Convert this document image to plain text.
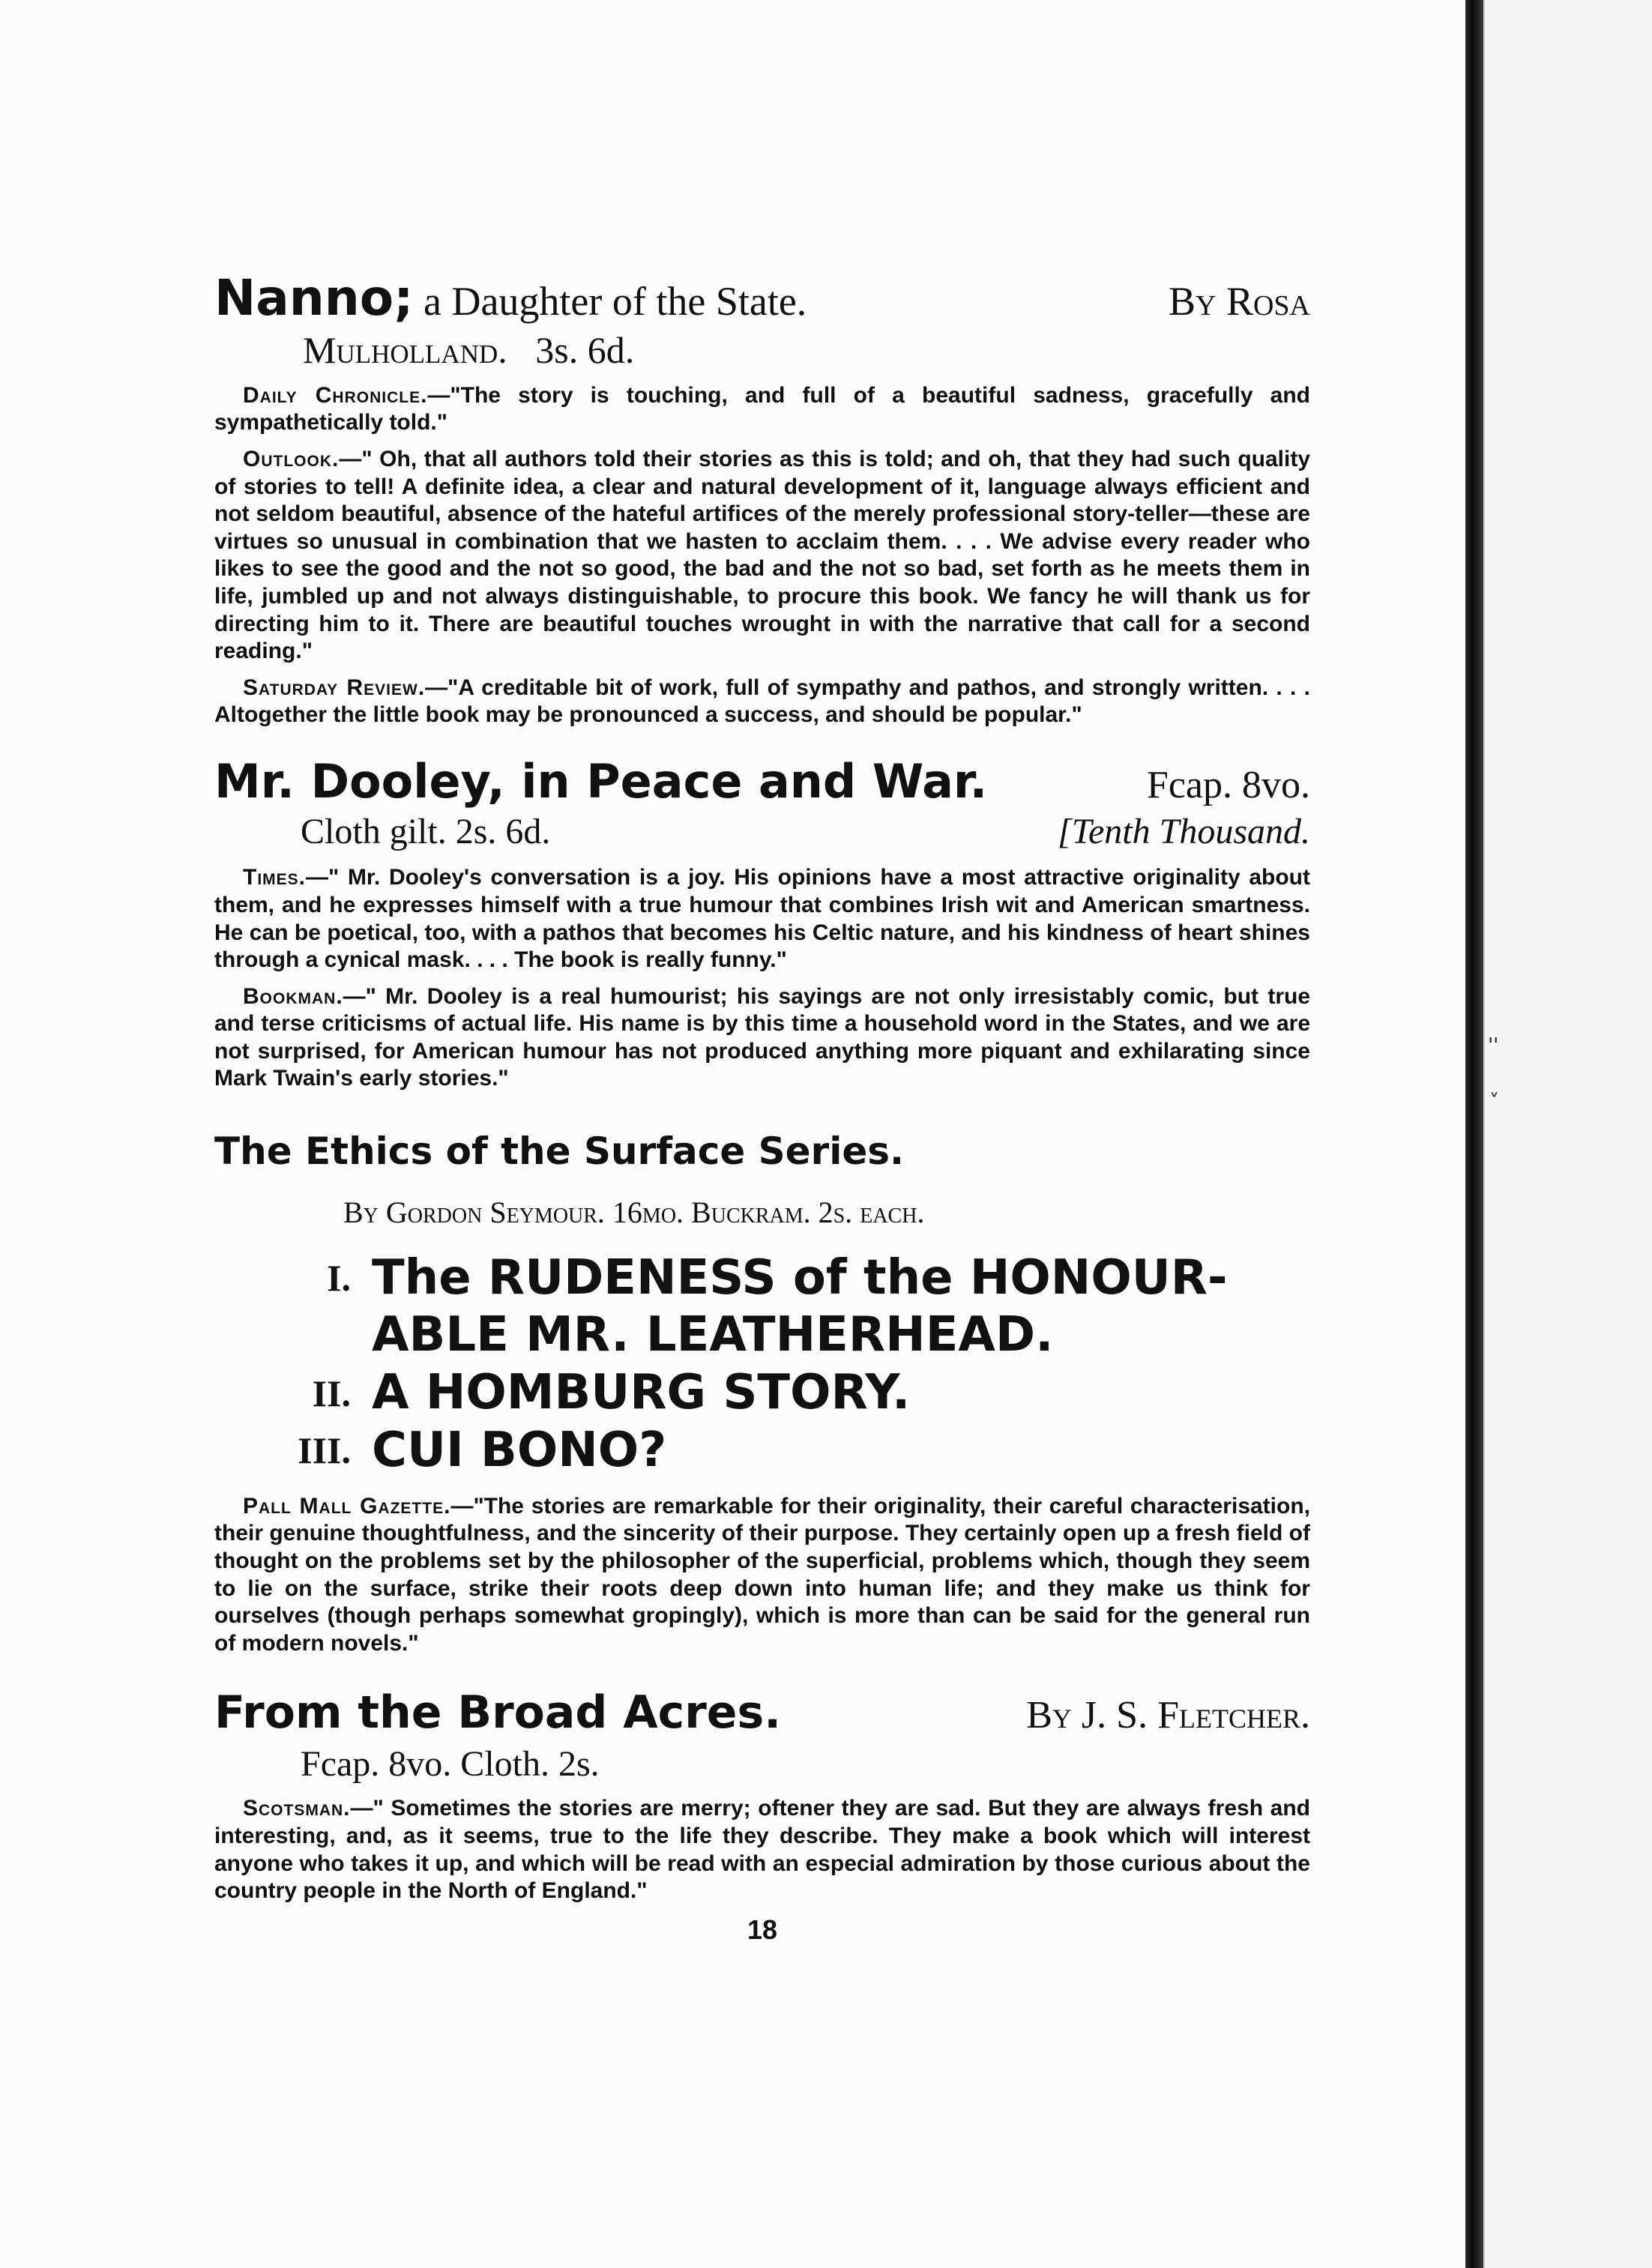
''
˅
Nanno; a Daughter of the State.	By Rosa
Mulholland. 3s. 6d.

Daily Chronicle.—"The story is touching, and full of a beautiful sadness, gracefully and sympathetically told."

Outlook.—" Oh, that all authors told their stories as this is told; and oh, that they had such quality of stories to tell! A definite idea, a clear and natural development of it, language always efficient and not seldom beautiful, absence of the hateful artifices of the merely professional story-teller—these are virtues so unusual in combination that we hasten to acclaim them. . . . We advise every reader who likes to see the good and the not so good, the bad and the not so bad, set forth as he meets them in life, jumbled up and not always distinguishable, to procure this book. We fancy he will thank us for directing him to it. There are beautiful touches wrought in with the narrative that call for a second reading."

Saturday Review.—"A creditable bit of work, full of sympathy and pathos, and strongly written. . . . Altogether the little book may be pronounced a success, and should be popular."

Mr. Dooley, in Peace and War.	Fcap. 8vo.
Cloth gilt. 2s. 6d.	[Tenth Thousand.

Times.—" Mr. Dooley's conversation is a joy. His opinions have a most attractive originality about them, and he expresses himself with a true humour that combines Irish wit and American smartness. He can be poetical, too, with a pathos that becomes his Celtic nature, and his kindness of heart shines through a cynical mask. . . . The book is really funny."

Bookman.—" Mr. Dooley is a real humourist; his sayings are not only irresistably comic, but true and terse criticisms of actual life. His name is by this time a household word in the States, and we are not surprised, for American humour has not produced anything more piquant and exhilarating since Mark Twain's early stories."

The Ethics of the Surface Series.
By Gordon Seymour. 16mo. Buckram. 2s. each.
I. The RUDENESS of the HONOUR-
ABLE MR. LEATHERHEAD.
II. A HOMBURG STORY.
III. CUI BONO?

Pall Mall Gazette.—"The stories are remarkable for their originality, their careful characterisation, their genuine thoughtfulness, and the sincerity of their purpose. They certainly open up a fresh field of thought on the problems set by the philosopher of the superficial, problems which, though they seem to lie on the surface, strike their roots deep down into human life; and they make us think for ourselves (though perhaps somewhat gropingly), which is more than can be said for the general run of modern novels."

From the Broad Acres.	By J. S. Fletcher.
Fcap. 8vo. Cloth. 2s.

Scotsman.—" Sometimes the stories are merry; oftener they are sad. But they are always fresh and interesting, and, as it seems, true to the life they describe. They make a book which will interest anyone who takes it up, and which will be read with an especial admiration by those curious about the country people in the North of England."

18
